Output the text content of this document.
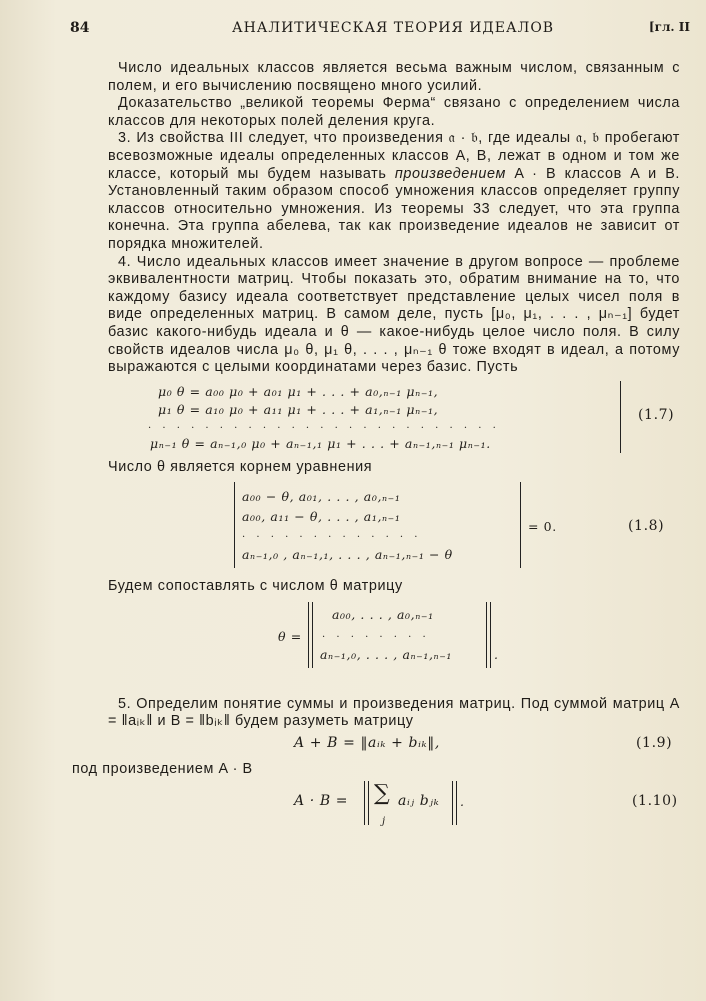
84	АНАЛИТИЧЕСКАЯ ТЕОРИЯ ИДЕАЛОВ	[гл. II

Число идеальных классов является весьма важным числом, связанным с полем, и его вычислению посвящено много усилий.

Доказательство „великой теоремы Ферма“ связано с определением числа классов для некоторых полей деления круга.

3. Из свойства III следует, что произведения 𝔞 · 𝔟, где идеалы 𝔞, 𝔟 пробегают всевозможные идеалы определенных классов A, B, лежат в одном и том же классе, который мы будем называть произведением A · B классов A и B. Установленный таким образом способ умножения классов определяет группу классов относительно умножения. Из теоремы 33 следует, что эта группа конечна. Эта группа абелева, так как произведение идеалов не зависит от порядка множителей.

4. Число идеальных классов имеет значение в другом вопросе — проблеме эквивалентности матриц. Чтобы показать это, обратим внимание на то, что каждому базису идеала соответствует представление целых чисел поля в виде определенных матриц. В самом деле, пусть [μ₀, μ₁, . . . , μₙ₋₁] будет базис какого-нибудь идеала и θ — какое-нибудь целое число поля. В силу свойств идеалов числа μ₀ θ, μ₁ θ, . . . , μₙ₋₁ θ тоже входят в идеал, а потому выражаются с целыми координатами через базис. Пусть

μ₀ θ = a₀₀ μ₀ + a₀₁ μ₁ + . . . + a₀,ₙ₋₁ μₙ₋₁,
μ₁ θ = a₁₀ μ₀ + a₁₁ μ₁ + . . . + a₁,ₙ₋₁ μₙ₋₁,
. . . . . . . . . . . . . . . . . . . . . . . . .
μₙ₋₁ θ = aₙ₋₁,₀ μ₀ + aₙ₋₁,₁ μ₁ + . . . + aₙ₋₁,ₙ₋₁ μₙ₋₁.
(1.7)

Число θ является корнем уравнения

a₀₀ − θ, a₀₁, . . . , a₀,ₙ₋₁
a₀₀, a₁₁ − θ, . . . , a₁,ₙ₋₁
. . . . . . . . . . . . .
aₙ₋₁,₀ , aₙ₋₁,₁, . . . , aₙ₋₁,ₙ₋₁ − θ
= 0.	(1.8)

Будем сопоставлять с числом θ матрицу

θ =
a₀₀, . . . , a₀,ₙ₋₁
. . . . . . . .
aₙ₋₁,₀, . . . , aₙ₋₁,ₙ₋₁	.

5. Определим понятие суммы и произведения матриц. Под суммой матриц A = ‖aᵢₖ‖ и B = ‖bᵢₖ‖ будем разуметь матрицу

A + B = ‖aᵢₖ + bᵢₖ‖,	(1.9)

под произведением A · B

A · B = ∑
j
aᵢⱼ bⱼₖ .	(1.10)
